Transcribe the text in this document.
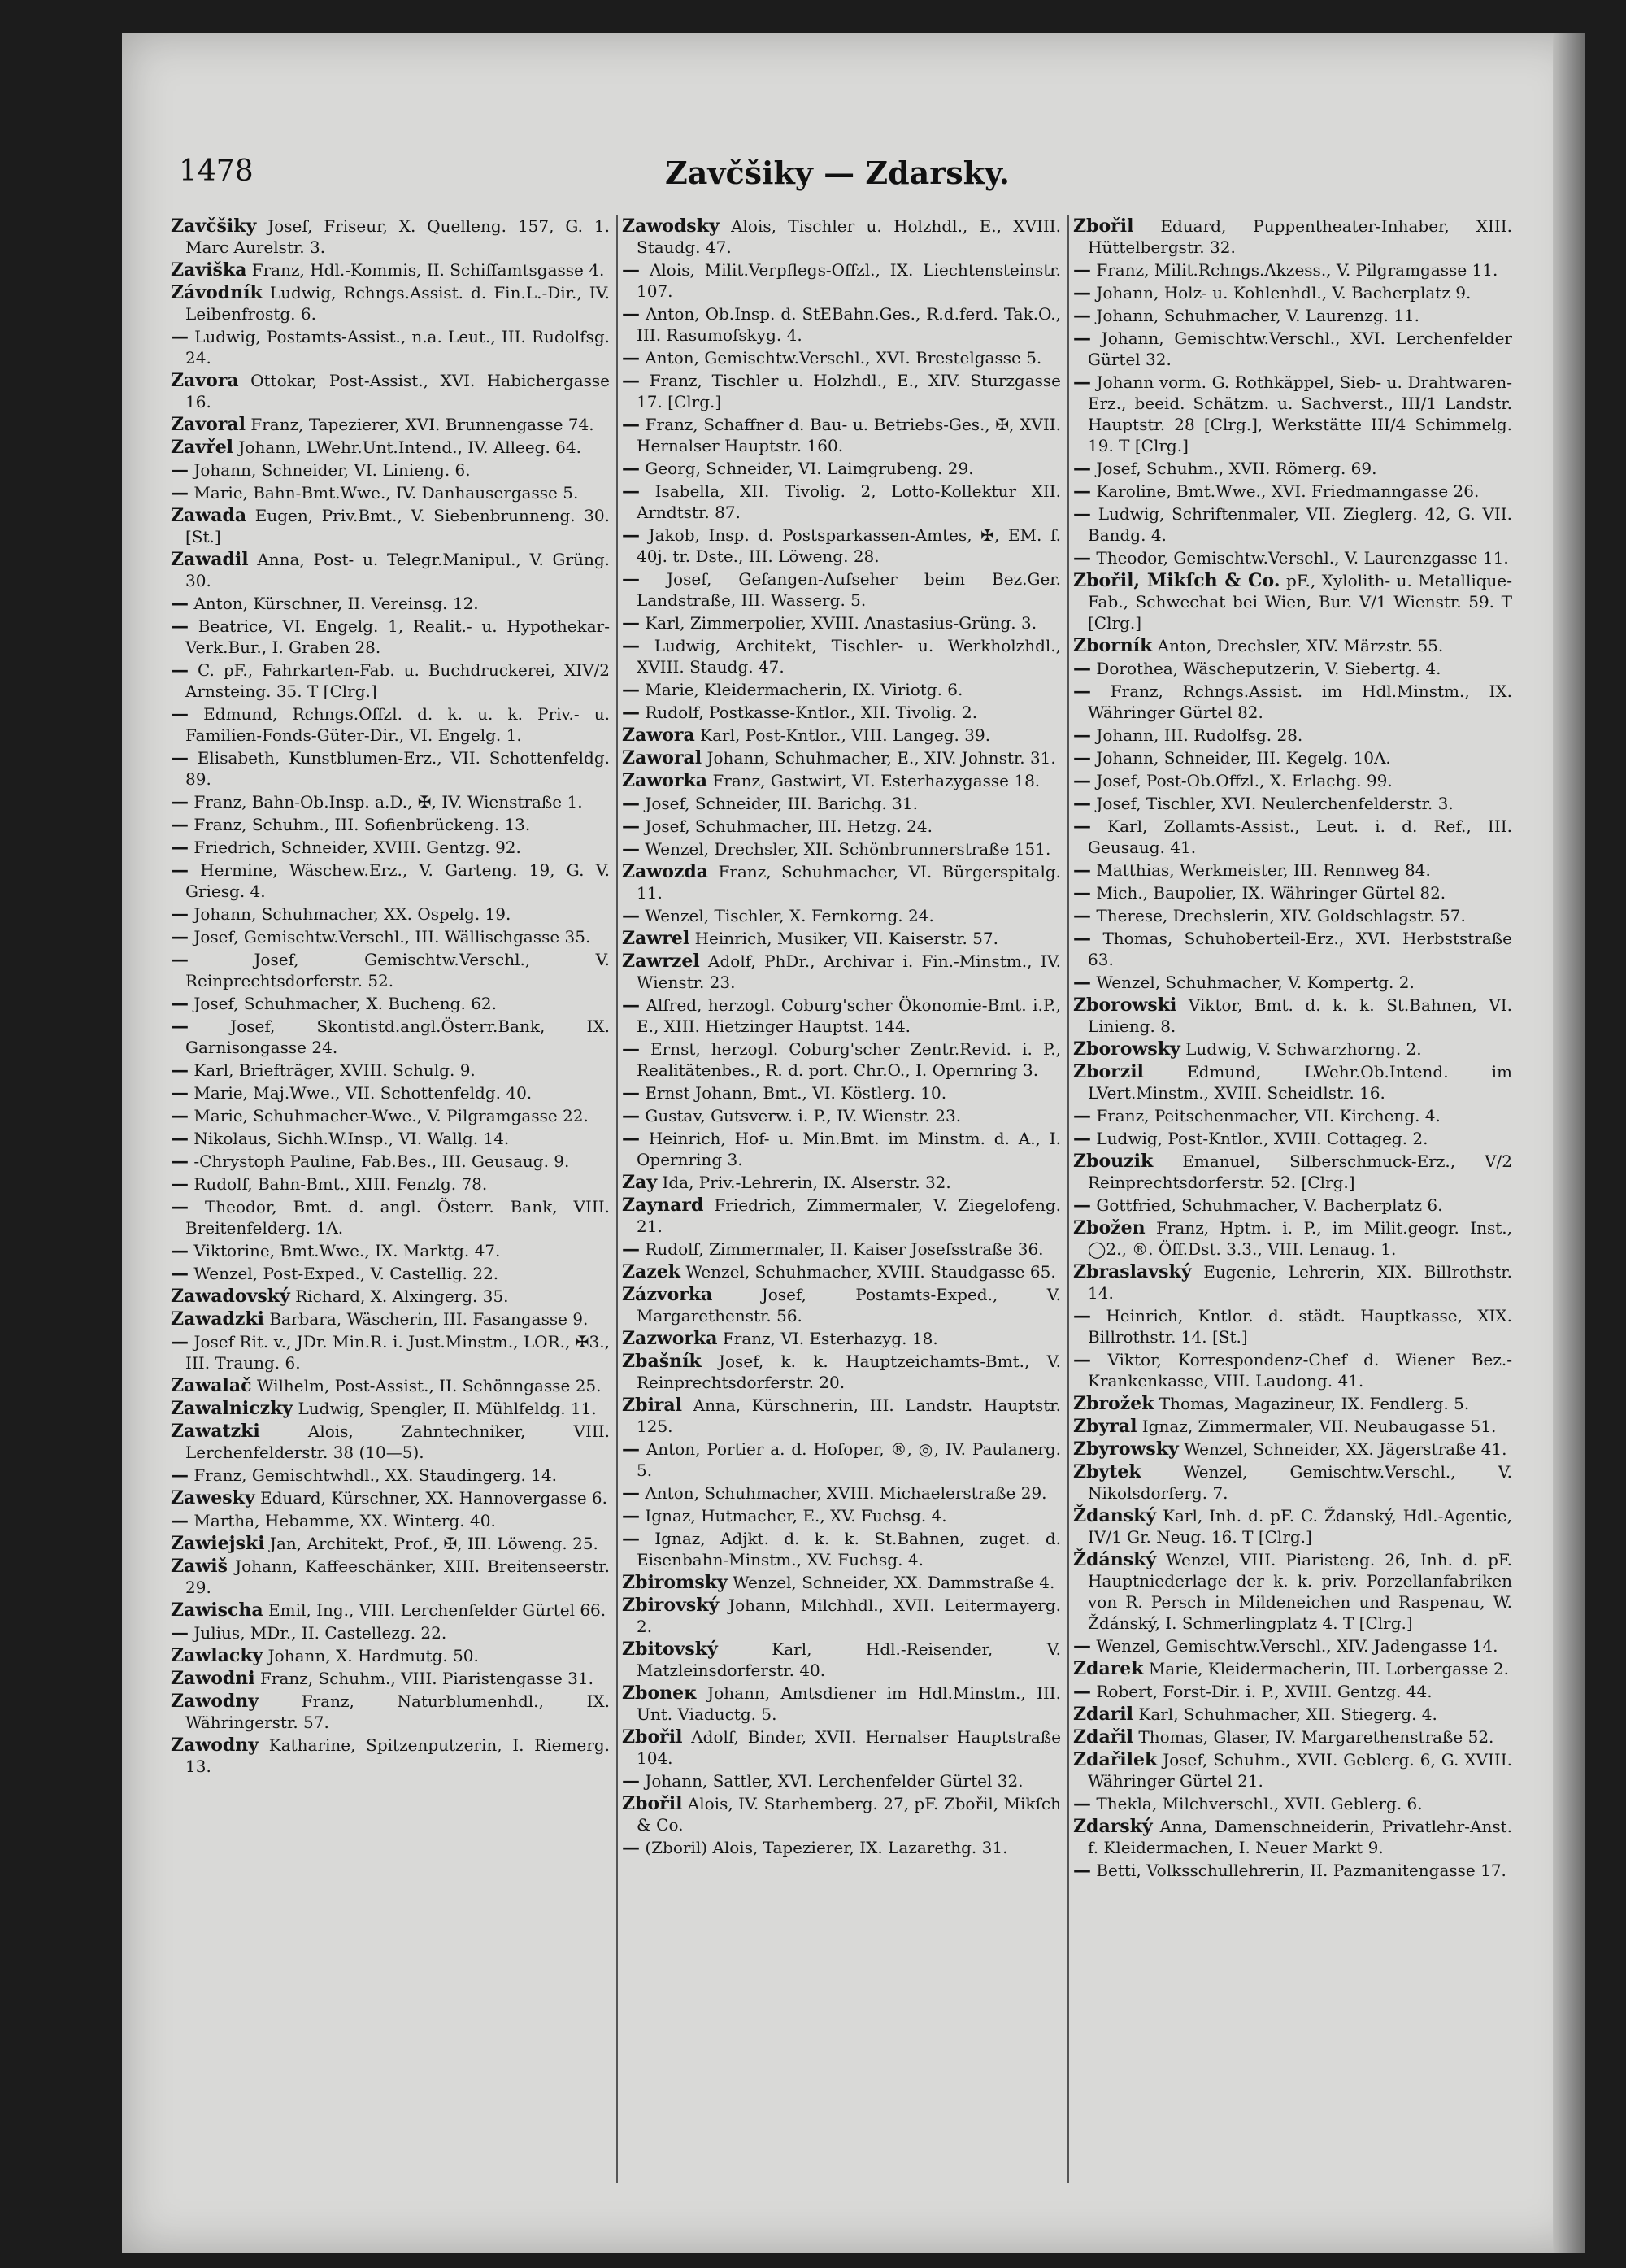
1478	Zavčšiky — Zdarsky.

Zavčšiky Josef, Friseur, X. Quelleng. 157, G. 1. Marc Aurelstr. 3.

Zaviška Franz, Hdl.-Kommis, II. Schiffamtsgasse 4.

Závodník Ludwig, Rchngs.Assist. d. Fin.L.-Dir., IV. Leibenfrostg. 6.

— Ludwig, Postamts-Assist., n.a. Leut., III. Rudolfsg. 24.

Zavora Ottokar, Post-Assist., XVI. Habichergasse 16.

Zavoral Franz, Tapezierer, XVI. Brunnengasse 74.

Zavřel Johann, LWehr.Unt.Intend., IV. Alleeg. 64.

— Johann, Schneider, VI. Linieng. 6.

— Marie, Bahn-Bmt.Wwe., IV. Danhausergasse 5.

Zawada Eugen, Priv.Bmt., V. Siebenbrunneng. 30. [St.]

Zawadil Anna, Post- u. Telegr.Manipul., V. Grüng. 30.

— Anton, Kürschner, II. Vereinsg. 12.

— Beatrice, VI. Engelg. 1, Realit.- u. Hypothekar-Verk.Bur., I. Graben 28.

— C. pF., Fahrkarten-Fab. u. Buchdruckerei, XIV/2 Arnsteing. 35. T [Clrg.]

— Edmund, Rchngs.Offzl. d. k. u. k. Priv.- u. Familien-Fonds-Güter-Dir., VI. Engelg. 1.

— Elisabeth, Kunstblumen-Erz., VII. Schottenfeldg. 89.

— Franz, Bahn-Ob.Insp. a.D., ✠, IV. Wienstraße 1.

— Franz, Schuhm., III. Sofienbrückeng. 13.

— Friedrich, Schneider, XVIII. Gentzg. 92.

— Hermine, Wäschew.Erz., V. Garteng. 19, G. V. Griesg. 4.

— Johann, Schuhmacher, XX. Ospelg. 19.

— Josef, Gemischtw.Verschl., III. Wällischgasse 35.

—	Josef, Gemischtw.Verschl., V. Reinprechtsdorferstr. 52.

— Josef, Schuhmacher, X. Bucheng. 62.

—	Josef, Skontistd.angl.Österr.Bank, IX. Garnisongasse 24.

— Karl, Briefträger, XVIII. Schulg. 9.

— Marie, Maj.Wwe., VII. Schottenfeldg. 40.

— Marie, Schuhmacher-Wwe., V. Pilgramgasse 22.

— Nikolaus, Sichh.W.Insp., VI. Wallg. 14.

— -Chrystoph Pauline, Fab.Bes., III. Geusaug. 9.

— Rudolf, Bahn-Bmt., XIII. Fenzlg. 78.

— Theodor, Bmt. d. angl. Österr. Bank, VIII. Breitenfelderg. 1A.

— Viktorine, Bmt.Wwe., IX. Marktg. 47.

— Wenzel, Post-Exped., V. Castellig. 22.

Zawadovský Richard, X. Alxingerg. 35.

Zawadzki Barbara, Wäscherin, III. Fasangasse 9.

— Josef Rit. v., JDr. Min.R. i. Just.Minstm., LOR., ✠3., III. Traung. 6.

Zawalač Wilhelm, Post-Assist., II. Schönngasse 25.

Zawalniczky Ludwig, Spengler, II. Mühlfeldg. 11.

Zawatzki	Alois, Zahntechniker, VIII. Lerchenfelderstr. 38 (10—5).

— Franz, Gemischtwhdl., XX. Staudingerg. 14.

Zawesky Eduard, Kürschner, XX. Hannovergasse 6.

— Martha, Hebamme, XX. Winterg. 40.

Zawiejski Jan, Architekt, Prof., ✠, III. Löweng. 25.

Zawiš Johann, Kaffeeschänker, XIII. Breitenseerstr. 29.

Zawischa Emil, Ing., VIII. Lerchenfelder Gürtel 66.

— Julius, MDr., II. Castellezg. 22.

Zawlacky Johann, X. Hardmutg. 50.

Zawodni Franz, Schuhm., VIII. Piaristengasse 31.

Zawodny	Franz, Naturblumenhdl., IX. Währingerstr. 57.

Zawodny Katharine, Spitzenputzerin, I. Riemerg. 13.

Zawodsky Alois, Tischler u. Holzhdl., E., XVIII. Staudg. 47.

— Alois, Milit.Verpflegs-Offzl., IX. Liechtensteinstr. 107.

— Anton, Ob.Insp. d. StEBahn.Ges., R.d.ferd. Tak.O., III. Rasumofskyg. 4.

— Anton, Gemischtw.Verschl., XVI. Brestelgasse 5.

— Franz, Tischler u. Holzhdl., E., XIV. Sturzgasse 17. [Clrg.]

— Franz, Schaffner d. Bau- u. Betriebs-Ges., ✠, XVII. Hernalser Hauptstr. 160.

— Georg, Schneider, VI. Laimgrubeng. 29.

— Isabella, XII. Tivolig. 2, Lotto-Kollektur XII. Arndtstr. 87.

— Jakob, Insp. d. Postsparkassen-Amtes, ✠, EM. f. 40j. tr. Dste., III. Löweng. 28.

— Josef, Gefangen-Aufseher beim Bez.Ger. Landstraße, III. Wasserg. 5.

— Karl, Zimmerpolier, XVIII. Anastasius-Grüng. 3.

— Ludwig, Architekt, Tischler- u. Werkholzhdl., XVIII. Staudg. 47.

— Marie, Kleidermacherin, IX. Viriotg. 6.

— Rudolf, Postkasse-Kntlor., XII. Tivolig. 2.

Zawora Karl, Post-Kntlor., VIII. Langeg. 39.

Zaworal Johann, Schuhmacher, E., XIV. Johnstr. 31.

Zaworka Franz, Gastwirt, VI. Esterhazygasse 18.

— Josef, Schneider, III. Barichg. 31.

— Josef, Schuhmacher, III. Hetzg. 24.

— Wenzel, Drechsler, XII. Schönbrunnerstraße 151.

Zawozda Franz, Schuhmacher, VI. Bürgerspitalg. 11.

— Wenzel, Tischler, X. Fernkorng. 24.

Zawrel Heinrich, Musiker, VII. Kaiserstr. 57.

Zawrzel Adolf, PhDr., Archivar i. Fin.-Minstm., IV. Wienstr. 23.

— Alfred, herzogl. Coburg'scher Ökonomie-Bmt. i.P., E., XIII. Hietzinger Hauptst. 144.

— Ernst, herzogl. Coburg'scher Zentr.Revid. i. P., Realitätenbes., R. d. port. Chr.O., I. Opernring 3.

— Ernst Johann, Bmt., VI. Köstlerg. 10.

— Gustav, Gutsverw. i. P., IV. Wienstr. 23.

— Heinrich, Hof- u. Min.Bmt. im Minstm. d. A., I. Opernring 3.

Zay Ida, Priv.-Lehrerin, IX. Alserstr. 32.

Zaynard Friedrich, Zimmermaler, V. Ziegelofeng. 21.

— Rudolf, Zimmermaler, II. Kaiser Josefsstraße 36.

Zazek Wenzel, Schuhmacher, XVIII. Staudgasse 65.

Zázvorka	Josef, Postamts-Exped., V. Margarethenstr. 56.

Zazworka Franz, VI. Esterhazyg. 18.

Zbašník Josef, k. k. Hauptzeichamts-Bmt., V. Reinprechtsdorferstr. 20.

Zbiral Anna, Kürschnerin, III. Landstr. Hauptstr. 125.

— Anton, Portier a. d. Hofoper, ®, ◎, IV. Paulanerg. 5.

— Anton, Schuhmacher, XVIII. Michaelerstraße 29.

— Ignaz, Hutmacher, E., XV. Fuchsg. 4.

— Ignaz, Adjkt. d. k. k. St.Bahnen, zuget. d. Eisenbahn-Minstm., XV. Fuchsg. 4.

Zbiromsky Wenzel, Schneider, XX. Dammstraße 4.

Zbirovský Johann, Milchhdl., XVII. Leitermayerg. 2.

Zbitovský	Karl, Hdl.-Reisender, V. Matzleinsdorferstr. 40.

Zboneк Johann, Amtsdiener im Hdl.Minstm., III. Unt. Viaductg. 5.

Zbořil Adolf, Binder, XVII. Hernalser Hauptstraße 104.

— Johann, Sattler, XVI. Lerchenfelder Gürtel 32.

Zbořil Alois, IV. Starhemberg. 27, pF. Zbořil, Mikſch & Co.

— (Zboril) Alois, Tapezierer, IX. Lazarethg. 31.

Zbořil Eduard, Puppentheater-Inhaber, XIII. Hüttelbergstr. 32.

— Franz, Milit.Rchngs.Akzess., V. Pilgramgasse 11.

— Johann, Holz- u. Kohlenhdl., V. Bacherplatz 9.

— Johann, Schuhmacher, V. Laurenzg. 11.

— Johann, Gemischtw.Verschl., XVI. Lerchenfelder Gürtel 32.

— Johann vorm. G. Rothkäppel, Sieb- u. Drahtwaren-Erz., beeid. Schätzm. u. Sachverst., III/1 Landstr. Hauptstr. 28 [Clrg.], Werkstätte III/4 Schimmelg. 19. T [Clrg.]

— Josef, Schuhm., XVII. Römerg. 69.

— Karoline, Bmt.Wwe., XVI. Friedmanngasse 26.

— Ludwig, Schriftenmaler, VII. Zieglerg. 42, G. VII. Bandg. 4.

— Theodor, Gemischtw.Verschl., V. Laurenzgasse 11.

Zbořil, Mikſch & Co. pF., Xylolith- u. Metallique-Fab., Schwechat bei Wien, Bur. V/1 Wienstr. 59. T [Clrg.]

Zborník Anton, Drechsler, XIV. Märzstr. 55.

— Dorothea, Wäscheputzerin, V. Siebertg. 4.

— Franz, Rchngs.Assist. im Hdl.Minstm., IX. Währinger Gürtel 82.

— Johann, III. Rudolfsg. 28.

— Johann, Schneider, III. Kegelg. 10A.

— Josef, Post-Ob.Offzl., X. Erlachg. 99.

— Josef, Tischler, XVI. Neulerchenfelderstr. 3.

— Karl, Zollamts-Assist., Leut. i. d. Ref., III. Geusaug. 41.

— Matthias, Werkmeister, III. Rennweg 84.

— Mich., Baupolier, IX. Währinger Gürtel 82.

— Therese, Drechslerin, XIV. Goldschlagstr. 57.

— Thomas, Schuhoberteil-Erz., XVI. Herbststraße 63.

— Wenzel, Schuhmacher, V. Kompertg. 2.

Zborowski Viktor, Bmt. d. k. k. St.Bahnen, VI. Linieng. 8.

Zborowsky Ludwig, V. Schwarzhorng. 2.

Zborzil	Edmund, LWehr.Ob.Intend. im LVert.Minstm., XVIII. Scheidlstr. 16.

— Franz, Peitschenmacher, VII. Kircheng. 4.

— Ludwig, Post-Kntlor., XVIII. Cottageg. 2.

Zbouzik Emanuel, Silberschmuck-Erz., V/2 Reinprechtsdorferstr. 52. [Clrg.]

— Gottfried, Schuhmacher, V. Bacherplatz 6.

Zbožen Franz, Hptm. i. P., im Milit.geogr. Inst., ◯2., ®. Öff.Dst. 3.3., VIII. Lenaug. 1.

Zbraslavský Eugenie, Lehrerin, XIX. Billrothstr. 14.

— Heinrich, Kntlor. d. städt. Hauptkasse, XIX. Billrothstr. 14. [St.]

— Viktor, Korrespondenz-Chef d. Wiener Bez.-Krankenkasse, VIII. Laudong. 41.

Zbrožek Thomas, Magazineur, IX. Fendlerg. 5.

Zbyral Ignaz, Zimmermaler, VII. Neubaugasse 51.

Zbyrowsky Wenzel, Schneider, XX. Jägerstraße 41.

Zbytek	Wenzel, Gemischtw.Verschl., V. Nikolsdorferg. 7.

Ždanský Karl, Inh. d. pF. C. Ždanský, Hdl.-Agentie, IV/1 Gr. Neug. 16. T [Clrg.]

Ždánský Wenzel, VIII. Piaristeng. 26, Inh. d. pF. Hauptniederlage der k. k. priv. Porzellanfabriken von R. Persch in Mildeneichen und Raspenau, W. Ždánský, I. Schmerlingplatz 4. T [Clrg.]

— Wenzel, Gemischtw.Verschl., XIV. Jadengasse 14.

Zdarek Marie, Kleidermacherin, III. Lorbergasse 2.

— Robert, Forst-Dir. i. P., XVIII. Gentzg. 44.

Zdaril Karl, Schuhmacher, XII. Stiegerg. 4.

Zdařil Thomas, Glaser, IV. Margarethenstraße 52.

Zdařilek Josef, Schuhm., XVII. Geblerg. 6, G. XVIII. Währinger Gürtel 21.

— Thekla, Milchverschl., XVII. Geblerg. 6.

Zdarský Anna, Damenschneiderin, Privatlehr-Anst. f. Kleidermachen, I. Neuer Markt 9.

— Betti, Volksschullehrerin, II. Pazmanitengasse 17.
